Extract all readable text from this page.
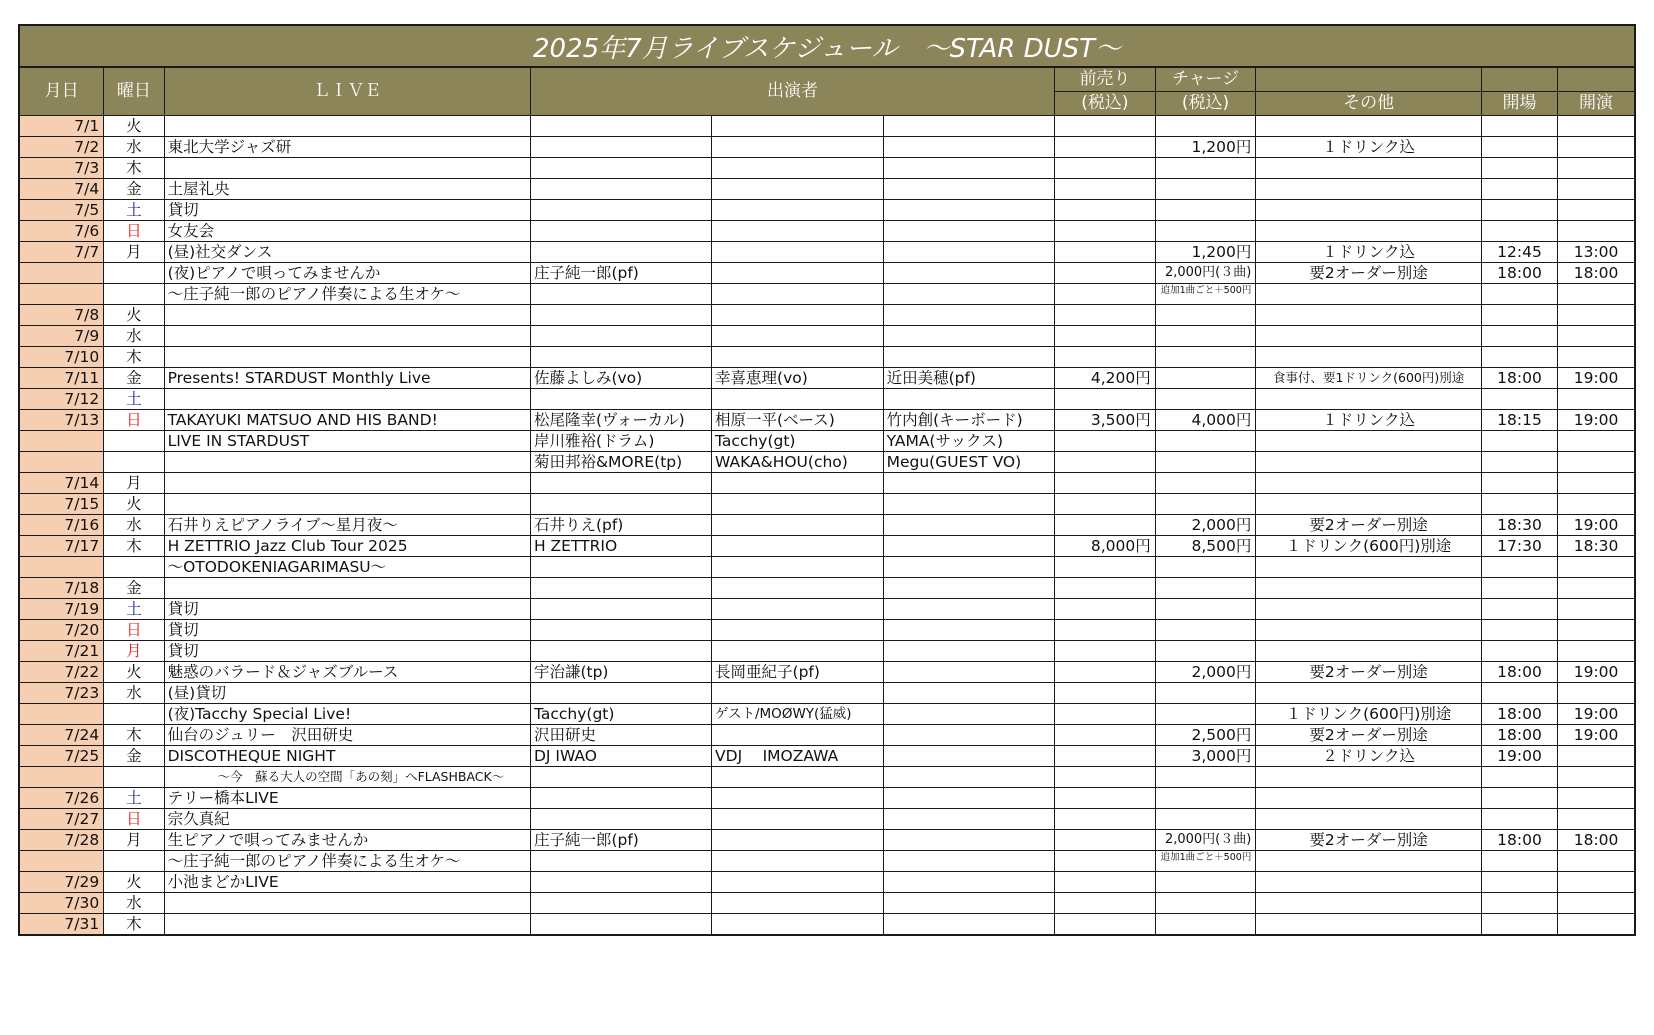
2025年7月ライブスケジュール　～STAR DUST～
月日	曜日	ＬＩＶＥ	出演者			前売り	チャージ			
						(税込)	(税込)	その他	開場	開演
7/1	火									
7/2	水	東北大学ジャズ研					1,200円	１ドリンク込		
7/3	木									
7/4	金	土屋礼央								
7/5	土	貸切								
7/6	日	女友会								
7/7	月	(昼)社交ダンス					1,200円	１ドリンク込	12:45	13:00
		(夜)ピアノで唄ってみませんか	庄子純一郎(pf)				2,000円(３曲)	要2オーダー別途	18:00	18:00
		～庄子純一郎のピアノ伴奏による生オケ～					追加1曲ごと＋500円			
7/8	火									
7/9	水									
7/10	木									
7/11	金	Presents! STARDUST Monthly Live	佐藤よしみ(vo)	幸喜恵理(vo)	近田美穂(pf)	4,200円		食事付、要1ドリンク(600円)別途	18:00	19:00
7/12	土									
7/13	日	TAKAYUKI MATSUO AND HIS BAND!	松尾隆幸(ヴォーカル)	相原一平(ベース)	竹内創(キーボード)	3,500円	4,000円	１ドリンク込	18:15	19:00
		LIVE IN STARDUST	岸川雅裕(ドラム)	Tacchy(gt)	YAMA(サックス)					
			菊田邦裕&MORE(tp)	WAKA&HOU(cho)	Megu(GUEST VO)					
7/14	月									
7/15	火									
7/16	水	石井りえピアノライブ～星月夜～	石井りえ(pf)				2,000円	要2オーダー別途	18:30	19:00
7/17	木	H ZETTRIO Jazz Club Tour 2025	H ZETTRIO			8,000円	8,500円	１ドリンク(600円)別途	17:30	18:30
		～OTODOKENIAGARIMASU～								
7/18	金									
7/19	土	貸切								
7/20	日	貸切								
7/21	月	貸切								
7/22	火	魅惑のバラード＆ジャズブルース	宇治謙(tp)	長岡亜紀子(pf)			2,000円	要2オーダー別途	18:00	19:00
7/23	水	(昼)貸切								
		(夜)Tacchy Special Live!	Tacchy(gt)	ゲスト/MOØWY(猛威)				１ドリンク(600円)別途	18:00	19:00
7/24	木	仙台のジュリー　沢田研史	沢田研史				2,500円	要2オーダー別途	18:00	19:00
7/25	金	DISCOTHEQUE NIGHT	DJ IWAO	VDJ　 IMOZAWA			3,000円	２ドリンク込	19:00	
		　　　　～今　蘇る大人の空間「あの刻」へFLASHBACK～								
7/26	土	テリー橋本LIVE								
7/27	日	宗久真紀								
7/28	月	生ピアノで唄ってみませんか	庄子純一郎(pf)				2,000円(３曲)	要2オーダー別途	18:00	18:00
		～庄子純一郎のピアノ伴奏による生オケ～					追加1曲ごと＋500円			
7/29	火	小池まどかLIVE								
7/30	水									
7/31	木									
